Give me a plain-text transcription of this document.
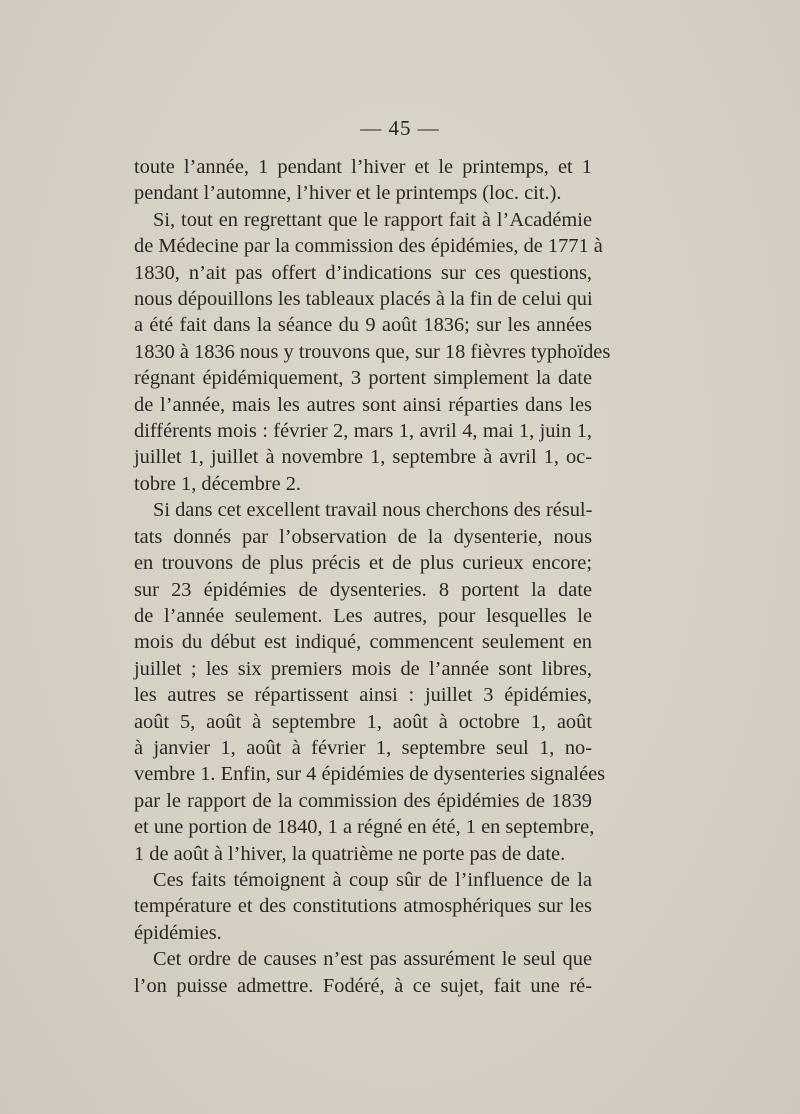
— 45 —
toute l’année, 1 pendant l’hiver et le printemps, et 1
pendant l’automne, l’hiver et le printemps (loc. cit.).
Si, tout en regrettant que le rapport fait à l’Académie
de Médecine par la commission des épidémies, de 1771 à
1830, n’ait pas offert d’indications sur ces questions,
nous dépouillons les tableaux placés à la fin de celui qui
a été fait dans la séance du 9 août 1836; sur les années
1830 à 1836 nous y trouvons que, sur 18 fièvres typhoïdes
régnant épidémiquement, 3 portent simplement la date
de l’année, mais les autres sont ainsi réparties dans les
différents mois : février 2, mars 1, avril 4, mai 1, juin 1,
juillet 1, juillet à novembre 1, septembre à avril 1, oc-
tobre 1, décembre 2.
Si dans cet excellent travail nous cherchons des résul-
tats donnés par l’observation de la dysenterie, nous
en trouvons de plus précis et de plus curieux encore;
sur 23 épidémies de dysenteries. 8 portent la date
de l’année seulement. Les autres, pour lesquelles le
mois du début est indiqué, commencent seulement en
juillet ; les six premiers mois de l’année sont libres,
les autres se répartissent ainsi : juillet 3 épidémies,
août 5, août à septembre 1, août à octobre 1, août
à janvier 1, août à février 1, septembre seul 1, no-
vembre 1. Enfin, sur 4 épidémies de dysenteries signalées
par le rapport de la commission des épidémies de 1839
et une portion de 1840, 1 a régné en été, 1 en septembre,
1 de août à l’hiver, la quatrième ne porte pas de date.
Ces faits témoignent à coup sûr de l’influence de la
température et des constitutions atmosphériques sur les
épidémies.
Cet ordre de causes n’est pas assurément le seul que
l’on puisse admettre. Fodéré, à ce sujet, fait une ré-
